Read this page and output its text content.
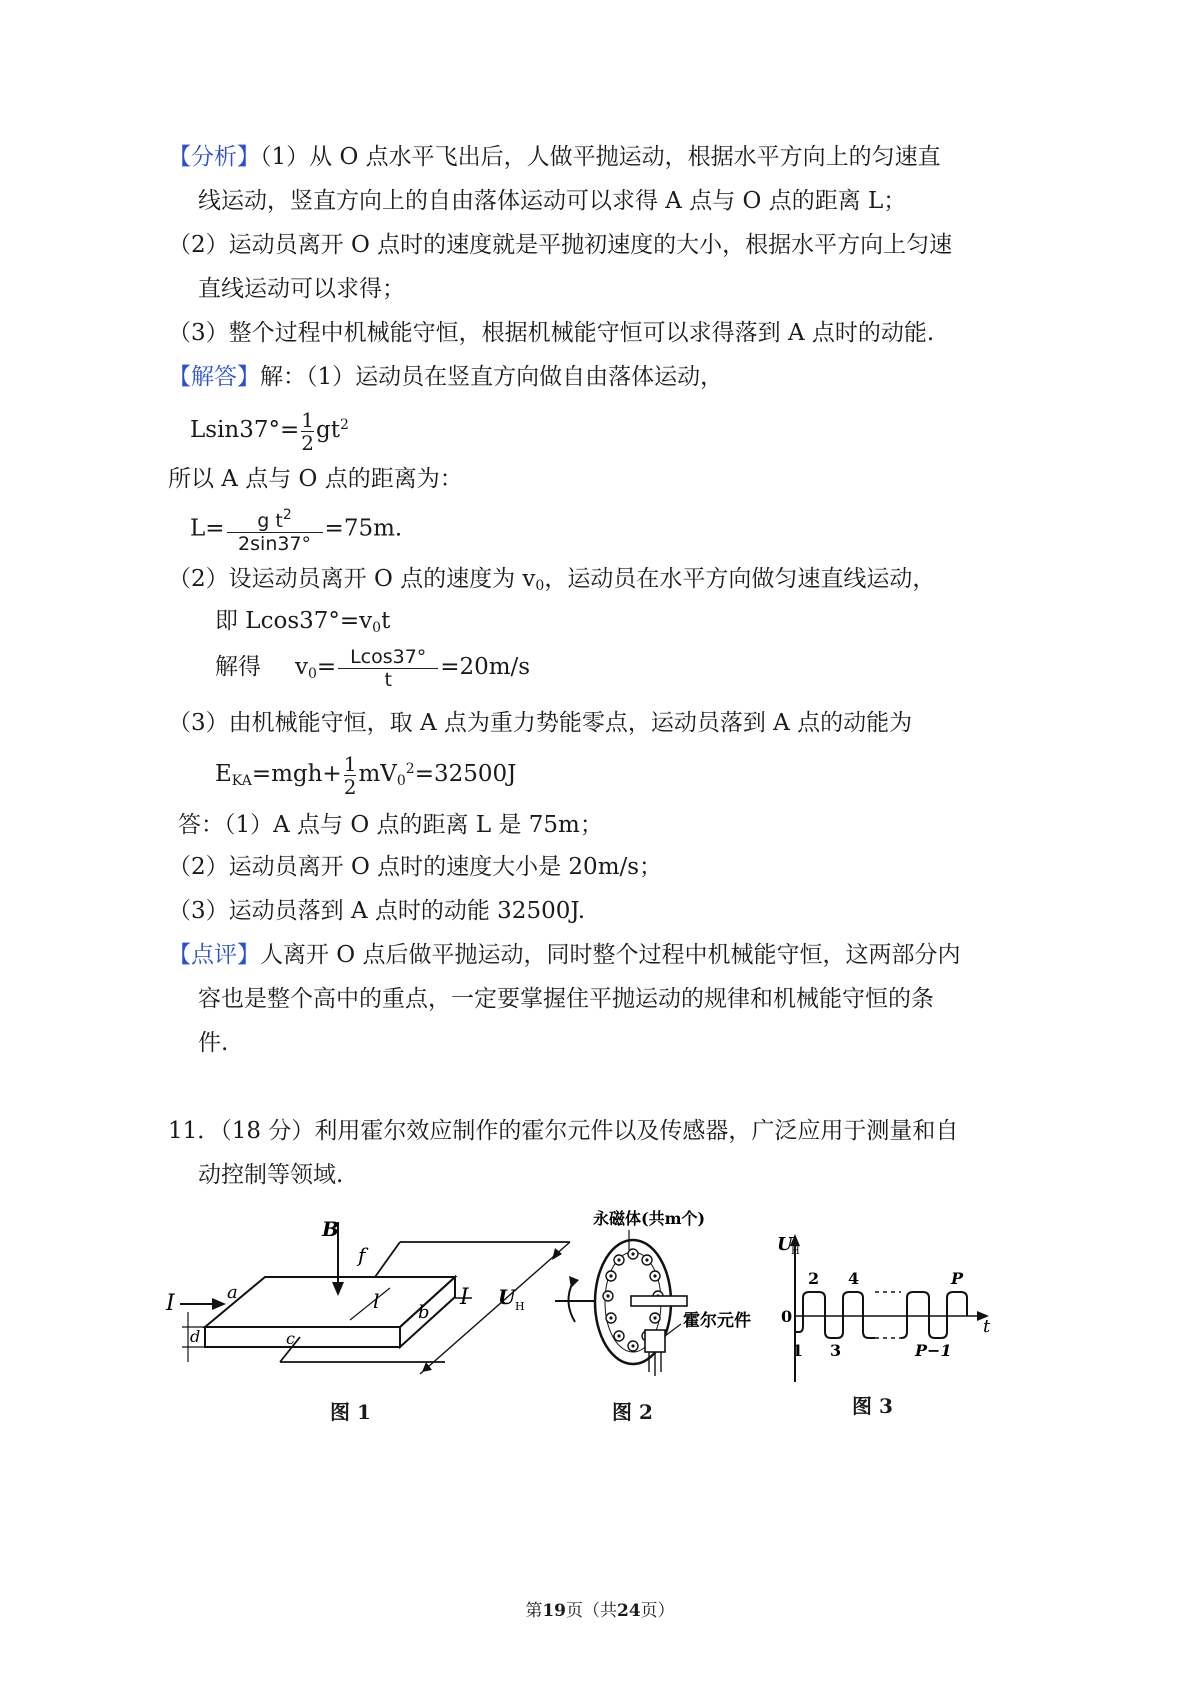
【分析】（1）从 O 点水平飞出后，人做平抛运动，根据水平方向上的匀速直
线运动，竖直方向上的自由落体运动可以求得 A 点与 O 点的距离 L；
（2）运动员离开 O 点时的速度就是平抛初速度的大小，根据水平方向上匀速
直线运动可以求得；
（3）整个过程中机械能守恒，根据机械能守恒可以求得落到 A 点时的动能.
【解答】解：（1）运动员在竖直方向做自由落体运动，
$Lsin37^\circ= \frac{1}{2} gt^2$
所以 A 点与 O 点的距离为：
$L= \frac{g t^2}{2\sin 37^\circ} =75m$.
（2）设运动员离开 O 点的速度为 $v_0$，运动员在水平方向做匀速直线运动，
即 $Lcos37^\circ=v_0t$
解得 $v_0= \frac{Lcos37^\circ}{t} =20m/s$
（3）由机械能守恒，取 A 点为重力势能零点，运动员落到 A 点的动能为
$E_{KA}=mgh+ \frac{1}{2} mV_0^2=32500J$
答：（1）A 点与 O 点的距离 L 是 75m；
（2）运动员离开 O 点时的速度大小是 20m/s；
（3）运动员落到 A 点时的动能 32500J.
【点评】人离开 O 点后做平抛运动，同时整个过程中机械能守恒，这两部分内
容也是整个高中的重点，一定要掌握住平抛运动的规律和机械能守恒的条
件.
11．（18 分）利用霍尔效应制作的霍尔元件以及传感器，广泛应用于测量和自
动控制等领域.
B
f
I	a	l b
I
d	c
U H
图 1
永磁体(共m个)
霍尔元件
图 2
U
H
t
0
2 4	P
1 3	P−1
图 3
第19页（共24页）
